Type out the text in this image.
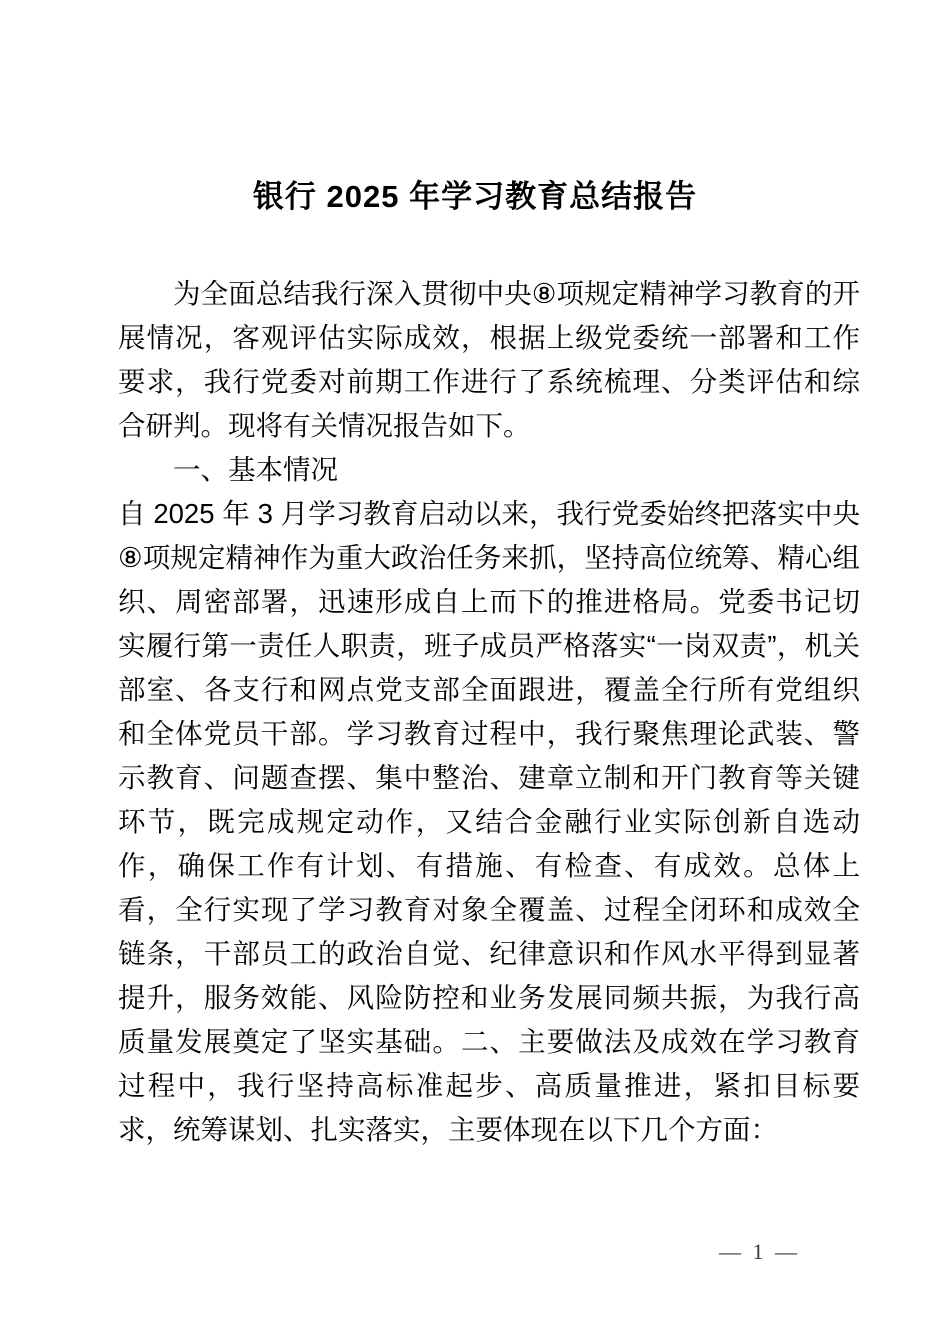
银行 2025 年学习教育总结报告
为全面总结我行深入贯彻中央⑧项规定精神学习教育的开展情况，客观评估实际成效，根据上级党委统一部署和工作要求，我行党委对前期工作进行了系统梳理、分类评估和综合研判。现将有关情况报告如下。
一、基本情况
自 2025 年 3 月学习教育启动以来，我行党委始终把落实中央⑧项规定精神作为重大政治任务来抓，坚持高位统筹、精心组织、周密部署，迅速形成自上而下的推进格局。党委书记切实履行第一责任人职责，班子成员严格落实“一岗双责”，机关部室、各支行和网点党支部全面跟进，覆盖全行所有党组织和全体党员干部。学习教育过程中，我行聚焦理论武装、警示教育、问题查摆、集中整治、建章立制和开门教育等关键环节，既完成规定动作，又结合金融行业实际创新自选动作，确保工作有计划、有措施、有检查、有成效。总体上看，全行实现了学习教育对象全覆盖、过程全闭环和成效全链条，干部员工的政治自觉、纪律意识和作风水平得到显著提升，服务效能、风险防控和业务发展同频共振，为我行高质量发展奠定了坚实基础。二、主要做法及成效在学习教育过程中，我行坚持高标准起步、高质量推进，紧扣目标要求，统筹谋划、扎实落实，主要体现在以下几个方面：
— 1 —
